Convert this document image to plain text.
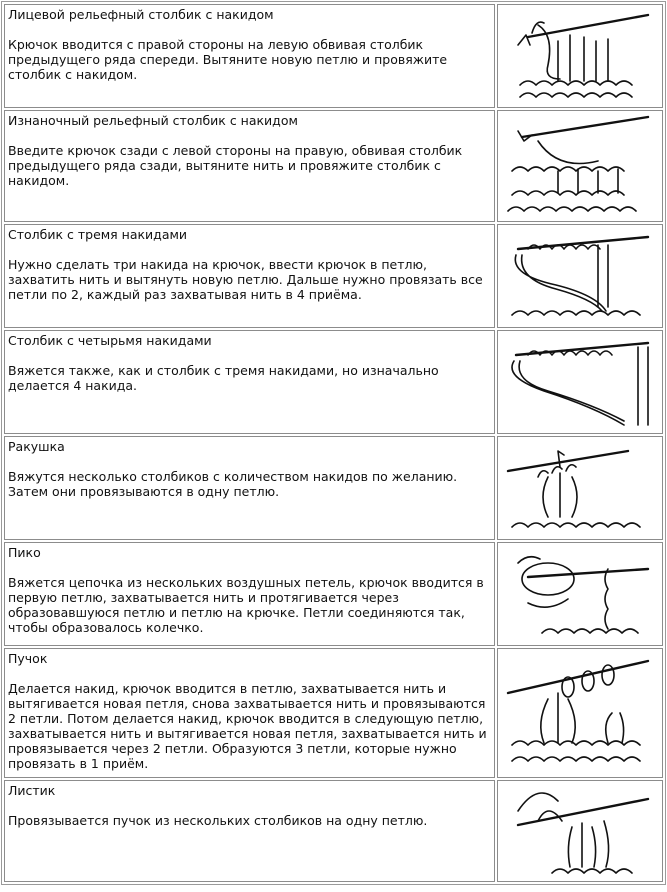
Лицевой рельефный столбик с накидом
Крючок вводится с правой стороны на левую обвивая столбик предыдущего ряда спереди. Вытяните новую петлю и провяжите столбик с накидом.

Изнаночный рельефный столбик с накидом
Введите крючок сзади с левой стороны на правую, обвивая столбик предыдущего ряда сзади, вытяните нить и провяжите столбик с накидом.

Столбик с тремя накидами
Нужно сделать три накида на крючок, ввести крючок в петлю, захватить нить и вытянуть новую петлю. Дальше нужно провязать все петли по 2, каждый раз захватывая нить в 4 приёма.

Столбик с четырьмя накидами
Вяжется также, как и столбик с тремя накидами, но изначально делается 4 накида.

Ракушка
Вяжутся несколько столбиков с количеством накидов по желанию. Затем они провязываются в одну петлю.

Пико
Вяжется цепочка из нескольких воздушных петель, крючок вводится в первую петлю, захватывается нить и протягивается через образовавшуюся петлю и петлю на крючке. Петли соединяются так, чтобы образовалось колечко.

Пучок
Делается накид, крючок вводится в петлю, захватывается нить и вытягивается новая петля, снова захватывается нить и провязываются 2 петли. Потом делается накид, крючок вводится в следующую петлю, захватывается нить и вытягивается новая петля, захватывается нить и провязывается через 2 петли. Образуются 3 петли, которые нужно провязать в 1 приём.

Листик
Провязывается пучок из нескольких столбиков на одну петлю.
